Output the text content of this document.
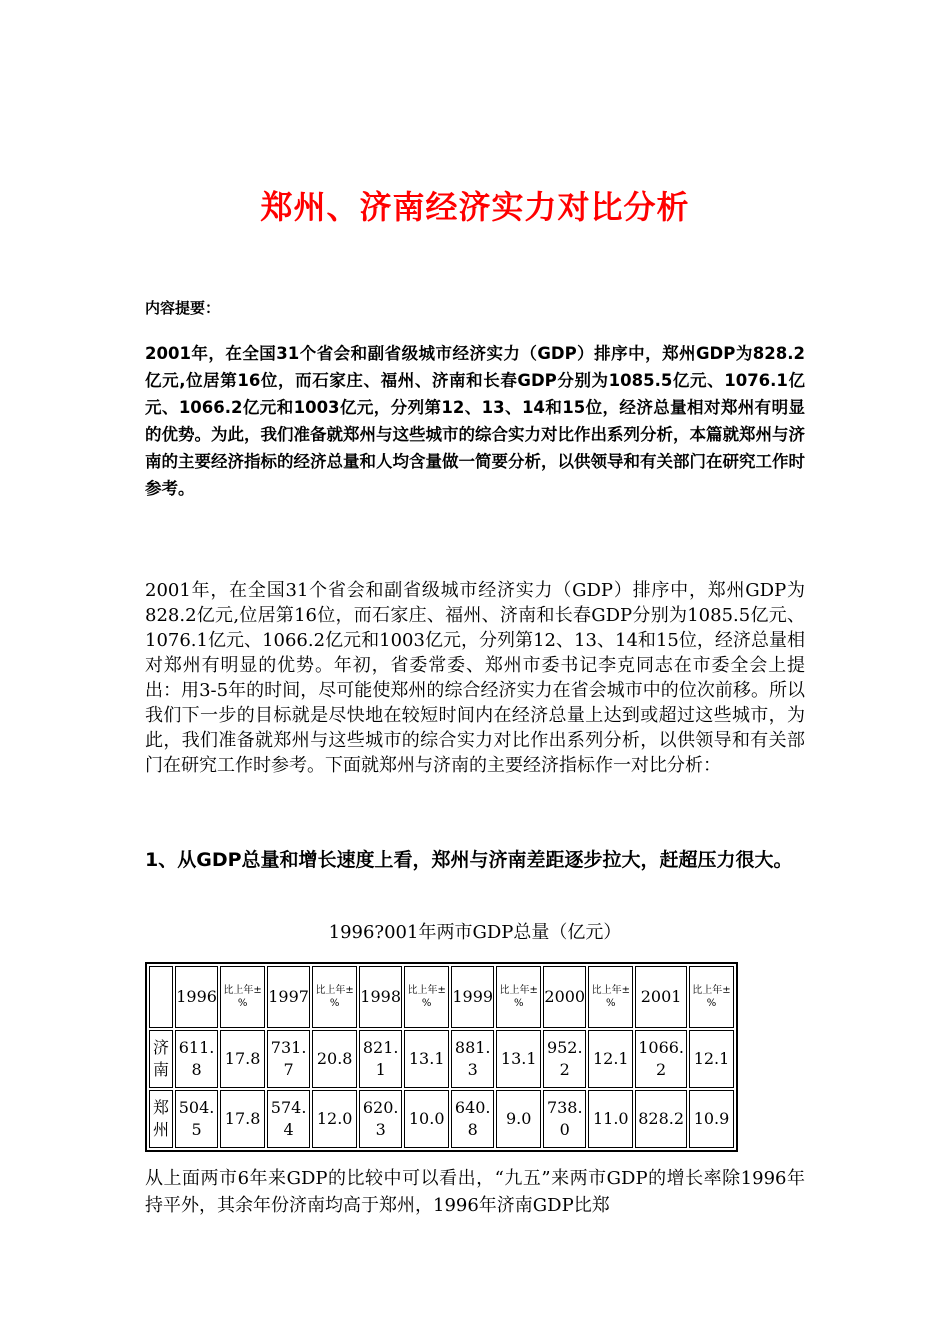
郑州、济南经济实力对比分析
内容提要：
2001年，在全国31个省会和副省级城市经济实力（GDP）排序中，郑州GDP为828.2亿元,位居第16位，而石家庄、福州、济南和长春GDP分别为1085.5亿元、1076.1亿元、1066.2亿元和1003亿元，分列第12、13、14和15位，经济总量相对郑州有明显的优势。为此，我们准备就郑州与这些城市的综合实力对比作出系列分析，本篇就郑州与济南的主要经济指标的经济总量和人均含量做一简要分析，以供领导和有关部门在研究工作时参考。
2001年，在全国31个省会和副省级城市经济实力（GDP）排序中，郑州GDP为828.2亿元,位居第16位，而石家庄、福州、济南和长春GDP分别为1085.5亿元、1076.1亿元、1066.2亿元和1003亿元，分列第12、13、14和15位，经济总量相对郑州有明显的优势。年初，省委常委、郑州市委书记李克同志在市委全会上提出：用3-5年的时间，尽可能使郑州的综合经济实力在省会城市中的位次前移。所以我们下一步的目标就是尽快地在较短时间内在经济总量上达到或超过这些城市，为此，我们准备就郑州与这些城市的综合实力对比作出系列分析，以供领导和有关部门在研究工作时参考。下面就郑州与济南的主要经济指标作一对比分析：
1、从GDP总量和增长速度上看，郑州与济南差距逐步拉大，赶超压力很大。
1996?001年两市GDP总量（亿元）
	1996	比上年±%	1997	比上年±%	1998	比上年±%	1999	比上年±%	2000	比上年±%	2001	比上年±%
济南	611.8	17.8	731.7	20.8	821.1	13.1	881.3	13.1	952.2	12.1	1066.2	12.1
郑州	504.5	17.8	574.4	12.0	620.3	10.0	640.8	9.0	738.0	11.0	828.2	10.9
从上面两市6年来GDP的比较中可以看出，“九五”来两市GDP的增长率除1996年持平外，其余年份济南均高于郑州，1996年济南GDP比郑
